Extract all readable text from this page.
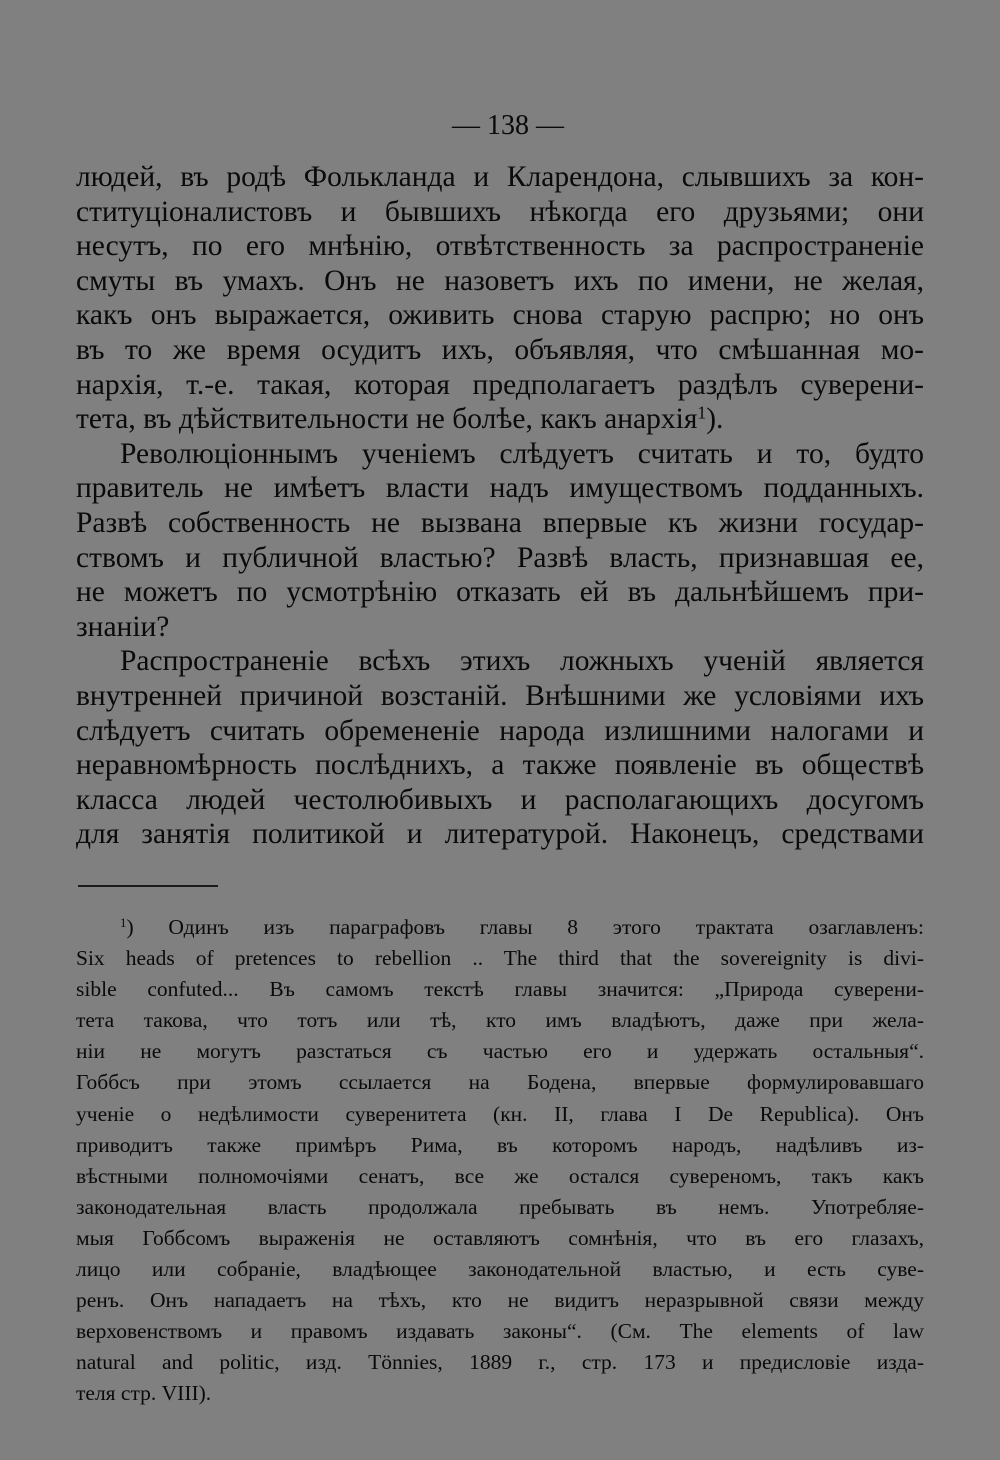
— 138 —
людей, въ родѣ Фолькланда и Кларендона, слывшихъ за кон-
ституціоналистовъ и бывшихъ нѣкогда его друзьями; они
несутъ, по его мнѣнію, отвѣтственность за распространеніе
смуты въ умахъ. Онъ не назоветъ ихъ по имени, не желая,
какъ онъ выражается, оживить снова старую распрю; но онъ
въ то же время осудитъ ихъ, объявляя, что смѣшанная мо-
нархія, т.-е. такая, которая предполагаетъ раздѣлъ суверени-
тета, въ дѣйствительности не болѣе, какъ анархія$^1$).
Революціоннымъ ученіемъ слѣдуетъ считать и то, будто
правитель не имѣетъ власти надъ имуществомъ подданныхъ.
Развѣ собственность не вызвана впервые къ жизни государ-
ствомъ и публичной властью? Развѣ власть, признавшая ее,
не можетъ по усмотрѣнію отказать ей въ дальнѣйшемъ при-
знаніи?
Распространеніе всѣхъ этихъ ложныхъ ученій является
внутренней причиной возстаній. Внѣшними же условіями ихъ
слѣдуетъ считать обремененіе народа излишними налогами и
неравномѣрность послѣднихъ, а также появленіе въ обществѣ
класса людей честолюбивыхъ и располагающихъ досугомъ
для занятія политикой и литературой. Наконецъ, средствами
$^1$) Одинъ изъ параграфовъ главы 8 этого трактата озаглавленъ:
Six heads of pretences to rebellion .. The third that the sovereignity is divi-
sible confuted... Въ самомъ текстѣ главы значится: „Природа суверени-
тета такова, что тотъ или тѣ, кто имъ владѣютъ, даже при жела-
ніи не могутъ разстаться съ частью его и удержать остальныя“.
Гоббсъ при этомъ ссылается на Бодена, впервые формулировавшаго
ученіе о недѣлимости суверенитета (кн. II, глава I De Republica). Онъ
приводитъ также примѣръ Рима, въ которомъ народъ, надѣливъ из-
вѣстными полномочіями сенатъ, все же остался сувереномъ, такъ какъ
законодательная власть продолжала пребывать въ немъ. Употребляе-
мыя Гоббсомъ выраженія не оставляютъ сомнѣнія, что въ его глазахъ,
лицо или собраніе, владѣющее законодательной властью, и есть суве-
ренъ. Онъ нападаетъ на тѣхъ, кто не видитъ неразрывной связи между
верховенствомъ и правомъ издавать законы“. (См. The elements of law
natural and politic, изд. Tönnies, 1889 г., стр. 173 и предисловіе изда-
теля стр. VIII).
